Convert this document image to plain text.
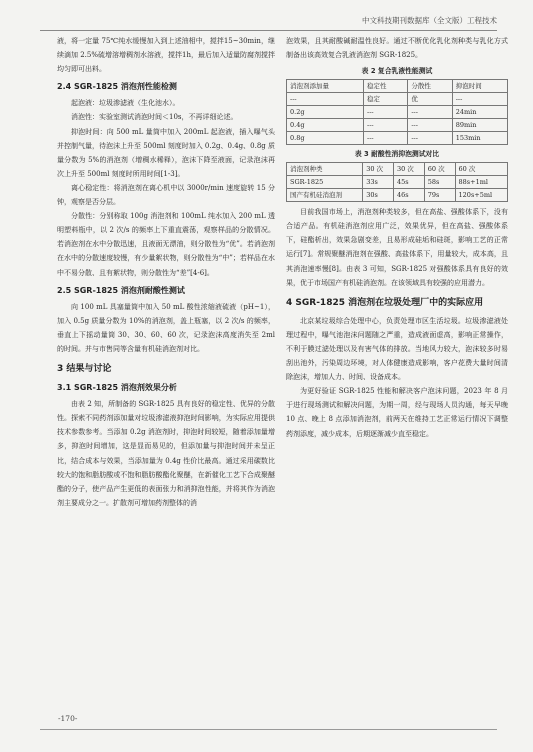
中文科技期刊数据库（全文版）工程技术

液，将一定量 75℃纯水缓慢加入到上述油相中，搅拌15~30min，继续滴加 2.5%硫增溶增稠剂水溶液，搅拌1h，最后加入适量防腐剂搅拌均匀即可出料。

2.4 SGR-1825 消泡剂性能检测

起泡液：垃圾渗滤液（生化池水）。

消泡性：实验室测试消泡时间＜10s，不再详细论述。

抑泡时间：向 500 mL 量筒中加入 200mL 起泡液，插入曝气头并控制气量，待泡沫上升至 500ml 刻度时加入 0.2g、0.4g、0.8g 质量分数为 5%的消泡剂（增稠水稀释），泡沫下降至液面，记录泡沫再次上升至 500ml 刻度时所用时间[1-3]。

离心稳定性：将消泡剂在离心机中以 3000r/min 速度旋转 15 分钟，观察是否分层。

分散性：分别称取 100g 消泡剂和 100mL 纯水加入 200 mL 透明塑料瓶中，以 2 次/s 的频率上下重直震荡，观察样品的分散情况。若消泡剂在水中分散迅速，且液面无漂油，则分散性为“优”。若消泡剂在水中的分散速度较慢，有少量絮状物，则分散性为“中”；若样品在水中不易分散、且有絮状物，则分散性为“差”[4-6]。

2.5 SGR-1825 消泡剂耐酸性测试

向 100 mL 具塞量筒中加入 50 mL 酸性浓缩液硫液（pH~1），加入 0.5g 质量分数为 10%的消泡剂，盖上瓶塞，以 2 次/s 的频率，垂直上下摇动量筒 30、30、60、60 次，记录泡沫高度消失至 2ml 的时间。并与市售同等含量有机硅消泡剂对比。

3 结果与讨论
3.1 SGR-1825 消泡剂效果分析

由表 2 知，所制备的 SGR-1825 具有良好的稳定性、优异的分散性。探索不同药剂添加量对垃圾渗滤液抑泡时间影响，为实际应用提供技术参数参考。当添加 0.2g 消泡剂时，抑泡时间较短，随着添加量增多，抑泡时间增加，这是显而易见的，但添加量与抑泡时间并未呈正比，结合成本与效果，当添加量为 0.4g 性价比最高。通过采用碳数比较大的饱和脂肪酸或不饱和脂肪酸酯化聚醚，在新催化工艺下合成聚醚酯的分子，使产品产生更低的表面张力和消抑泡性能，并将其作为消泡剂主要成分之一。扩散剂可增加药剂整体的消

泡效果，且其耐酸碱耐温性良好。通过不断优化乳化剂种类与乳化方式制备出该高效复合乳液消泡剂 SGR-1825。

表 2 复合乳液性能测试
消泡剂添加量	稳定性	分散性	抑泡时间
---	稳定	优	---
0.2g	---	---	24min
0.4g	---	---	89min
0.8g	---	---	153min
表 3 耐酸性消抑泡测试对比
消泡剂种类	30 次	30 次	60 次	60 次
SGR-1825	33s	45s	58s	88s+1ml
国产有机硅消泡剂	30s	46s	79s	120s+5ml

目前我国市场上，消泡剂种类较多，但在高盐、强酸体系下，没有合适产品。有机硅消泡剂应用广泛，效果优异，但在高盐、强酸体系下，硅酯析出，效果急剧变差，且易形成硅垢和硅斑，影响工艺的正常运行[7]。常规聚醚消泡剂在强酸、高盐体系下，用量较大，成本高，且其消泡速率慢[8]。由表 3 可知，SGR-1825 对强酸体系具有良好的效果，优于市场国产有机硅消泡剂。在该领域具有较强的应用潜力。

4 SGR-1825 消泡剂在垃圾处理厂中的实际应用

北京某垃圾综合处理中心，负责处理市区生活垃圾。垃圾渗滤液处理过程中，曝气池泡沫问题随之严重，造成液面虚高，影响正常操作，不利于膜过滤处理以及有害气体的排放。当地风力较大，泡沫较多时易刮出池外，污染周边环境，对人体健康造成影响，客户花费大量时间清除泡沫，增加人力、时间、设备成本。

为更好验证 SGR-1825 性能和解决客户泡沫问题，2023 年 8 月于进行现场测试和解决问题，为期一周，经与现场人员沟通，每天早晚 10 点、晚上 8 点添加消泡剂，前两天在维持工艺正常运行情况下调整药剂添度，减少成本，后期逐渐减少直至稳定。

-170-
